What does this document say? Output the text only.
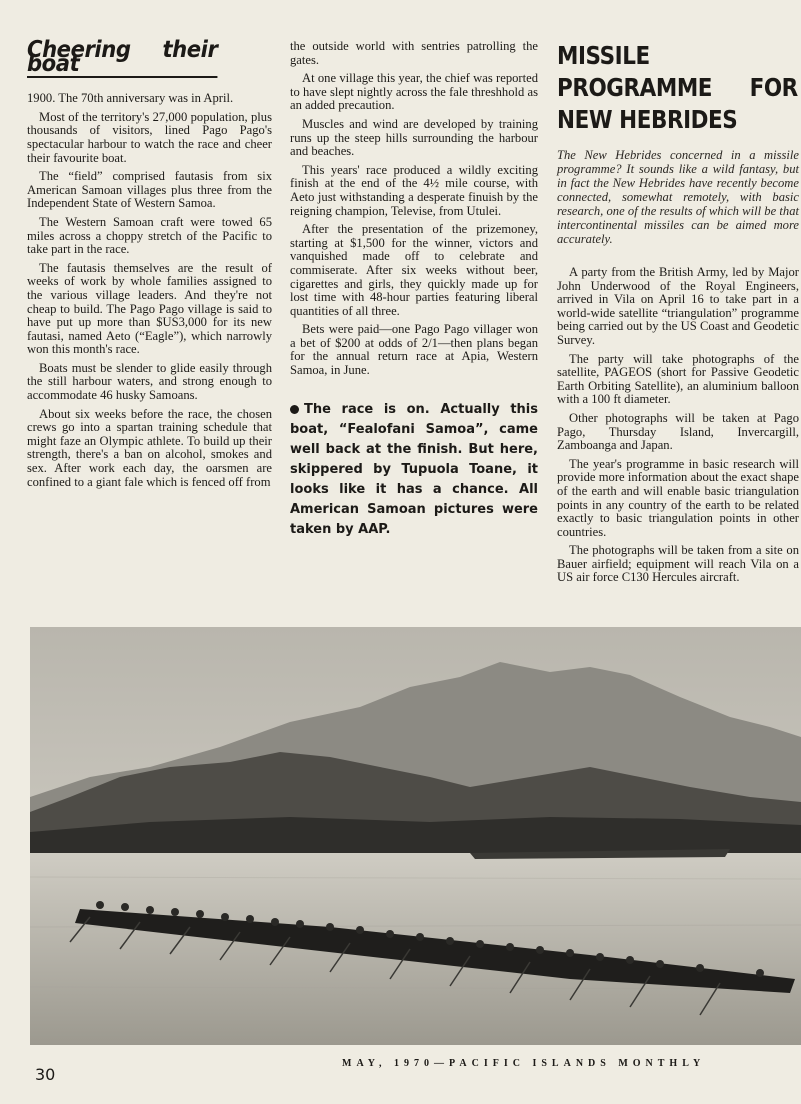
Cheering their boat

1900. The 70th anniversary was in April.

Most of the territory's 27,000 population, plus thousands of visitors, lined Pago Pago's spectacular harbour to watch the race and cheer their favourite boat.

The “field” comprised fautasis from six American Samoan villages plus three from the Independent State of Western Samoa.

The Western Samoan craft were towed 65 miles across a choppy stretch of the Pacific to take part in the race.

The fautasis themselves are the result of weeks of work by whole families assigned to the various village leaders. And they're not cheap to build. The Pago Pago village is said to have put up more than $US3,000 for its new fautasi, named Aeto (“Eagle”), which narrowly won this month's race.

Boats must be slender to glide easily through the still harbour waters, and strong enough to accommodate 46 husky Samoans.

About six weeks before the race, the chosen crews go into a spartan training schedule that might faze an Olympic athlete. To build up their strength, there's a ban on alcohol, smokes and sex. After work each day, the oarsmen are confined to a giant fale which is fenced off from

the outside world with sentries patrolling the gates.

At one village this year, the chief was reported to have slept nightly across the fale threshhold as an added precaution.

Muscles and wind are developed by training runs up the steep hills surrounding the harbour and beaches.

This years' race produced a wildly exciting finish at the end of the 4½ mile course, with Aeto just withstanding a desperate finuish by the reigning champion, Televise, from Utulei.

After the presentation of the prizemoney, starting at $1,500 for the winner, victors and vanquished made off to celebrate and commiserate. After six weeks without beer, cigarettes and girls, they quickly made up for lost time with 48-hour parties featuring liberal quantities of all three.

Bets were paid—one Pago Pago villager won a bet of $200 at odds of 2/1—then plans began for the annual return race at Apia, Western Samoa, in June.

The race is on. Actually this boat, “Fealofani Samoa”, came well back at the finish. But here, skippered by Tupuola Toane, it looks like it has a chance. All American Samoan pictures were taken by AAP.
MISSILE PROGRAMME FOR NEW HEBRIDES
The New Hebrides concerned in a missile programme? It sounds like a wild fantasy, but in fact the New Hebrides have recently become connected, somewhat remotely, with basic research, one of the results of which will be that intercontinental missiles can be aimed more accurately.

A party from the British Army, led by Major John Underwood of the Royal Engineers, arrived in Vila on April 16 to take part in a world-wide satellite “triangulation” programme being carried out by the US Coast and Geodetic Survey.

The party will take photographs of the satellite, PAGEOS (short for Passive Geodetic Earth Orbiting Satellite), an aluminium balloon with a 100 ft diameter.

Other photographs will be taken at Pago Pago, Thursday Island, Invercargill, Zamboanga and Japan.

The year's programme in basic research will provide more information about the exact shape of the earth and will enable basic triangulation points in any country of the earth to be related exactly to basic triangulation points in other countries.

The photographs will be taken from a site on Bauer airfield; equipment will reach Vila on a US air force C130 Hercules aircraft.

30
MAY, 1970—PACIFIC ISLANDS MONTHLY
